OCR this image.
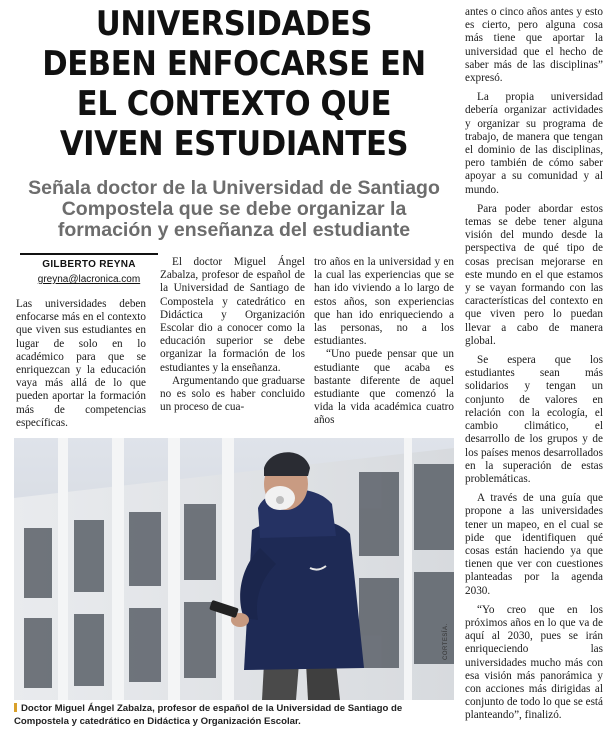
UNIVERSIDADES DEBEN ENFOCARSE EN EL CONTEXTO QUE VIVEN ESTUDIANTES
Señala doctor de la Universidad de Santiago Compostela que se debe organizar la formación y enseñanza del estudiante
GILBERTO REYNA
greyna@lacronica.com

Las universidades deben enfocarse más en el contexto que viven sus estudiantes en lugar de solo en lo académico para que se enriquezcan y la educación vaya más allá de lo que pueden aportar la formación más de competencias específicas.

El doctor Miguel Ángel Zabalza, profesor de español de la Universidad de Santiago de Compostela y catedrático en Didáctica y Organización Escolar dio a conocer como la educación superior se debe organizar la formación de los estudiantes y la enseñanza.

Argumentando que graduarse no es solo es haber concluido un proceso de cua-

tro años en la universidad y en la cual las experiencias que se han ido viviendo a lo largo de estos años, son experiencias que han ido enriqueciendo a las personas, no a los estudiantes.

“Uno puede pensar que un estudiante que acaba es bastante diferente de aquel estudiante que comenzó la vida la vida académica cuatro años

antes o cinco años antes y esto es cierto, pero alguna cosa más tiene que aportar la universidad que el hecho de saber más de las disciplinas” expresó.

La propia universidad debería organizar actividades y organizar su programa de trabajo, de manera que tengan el dominio de las disciplinas, pero también de cómo saber apoyar a su comunidad y al mundo.

Para poder abordar estos temas se debe tener alguna visión del mundo desde la perspectiva de qué tipo de cosas precisan mejorarse en este mundo en el que estamos y se vayan formando con las características del contexto en que viven pero lo puedan llevar a cabo de manera global.

Se espera que los estudiantes sean más solidarios y tengan un conjunto de valores en relación con la ecología, el cambio climático, el desarrollo de los grupos y de los países menos desarrollados en la superación de estas problemáticas.

A través de una guía que propone a las universidades tener un mapeo, en el cual se pide que identifiquen qué cosas están haciendo ya que tienen que ver con cuestiones planteadas por la agenda 2030.

“Yo creo que en los próximos años en lo que va de aquí al 2030, pues se irán enriqueciendo las universidades mucho más con esa visión más panorámica y con acciones más dirigidas al conjunto de todo lo que se está planteando”, finalizó.

CORTESÍA.

Doctor Miguel Ángel Zabalza, profesor de español de la Universidad de Santiago de Compostela y catedrático en Didáctica y Organización Escolar.
